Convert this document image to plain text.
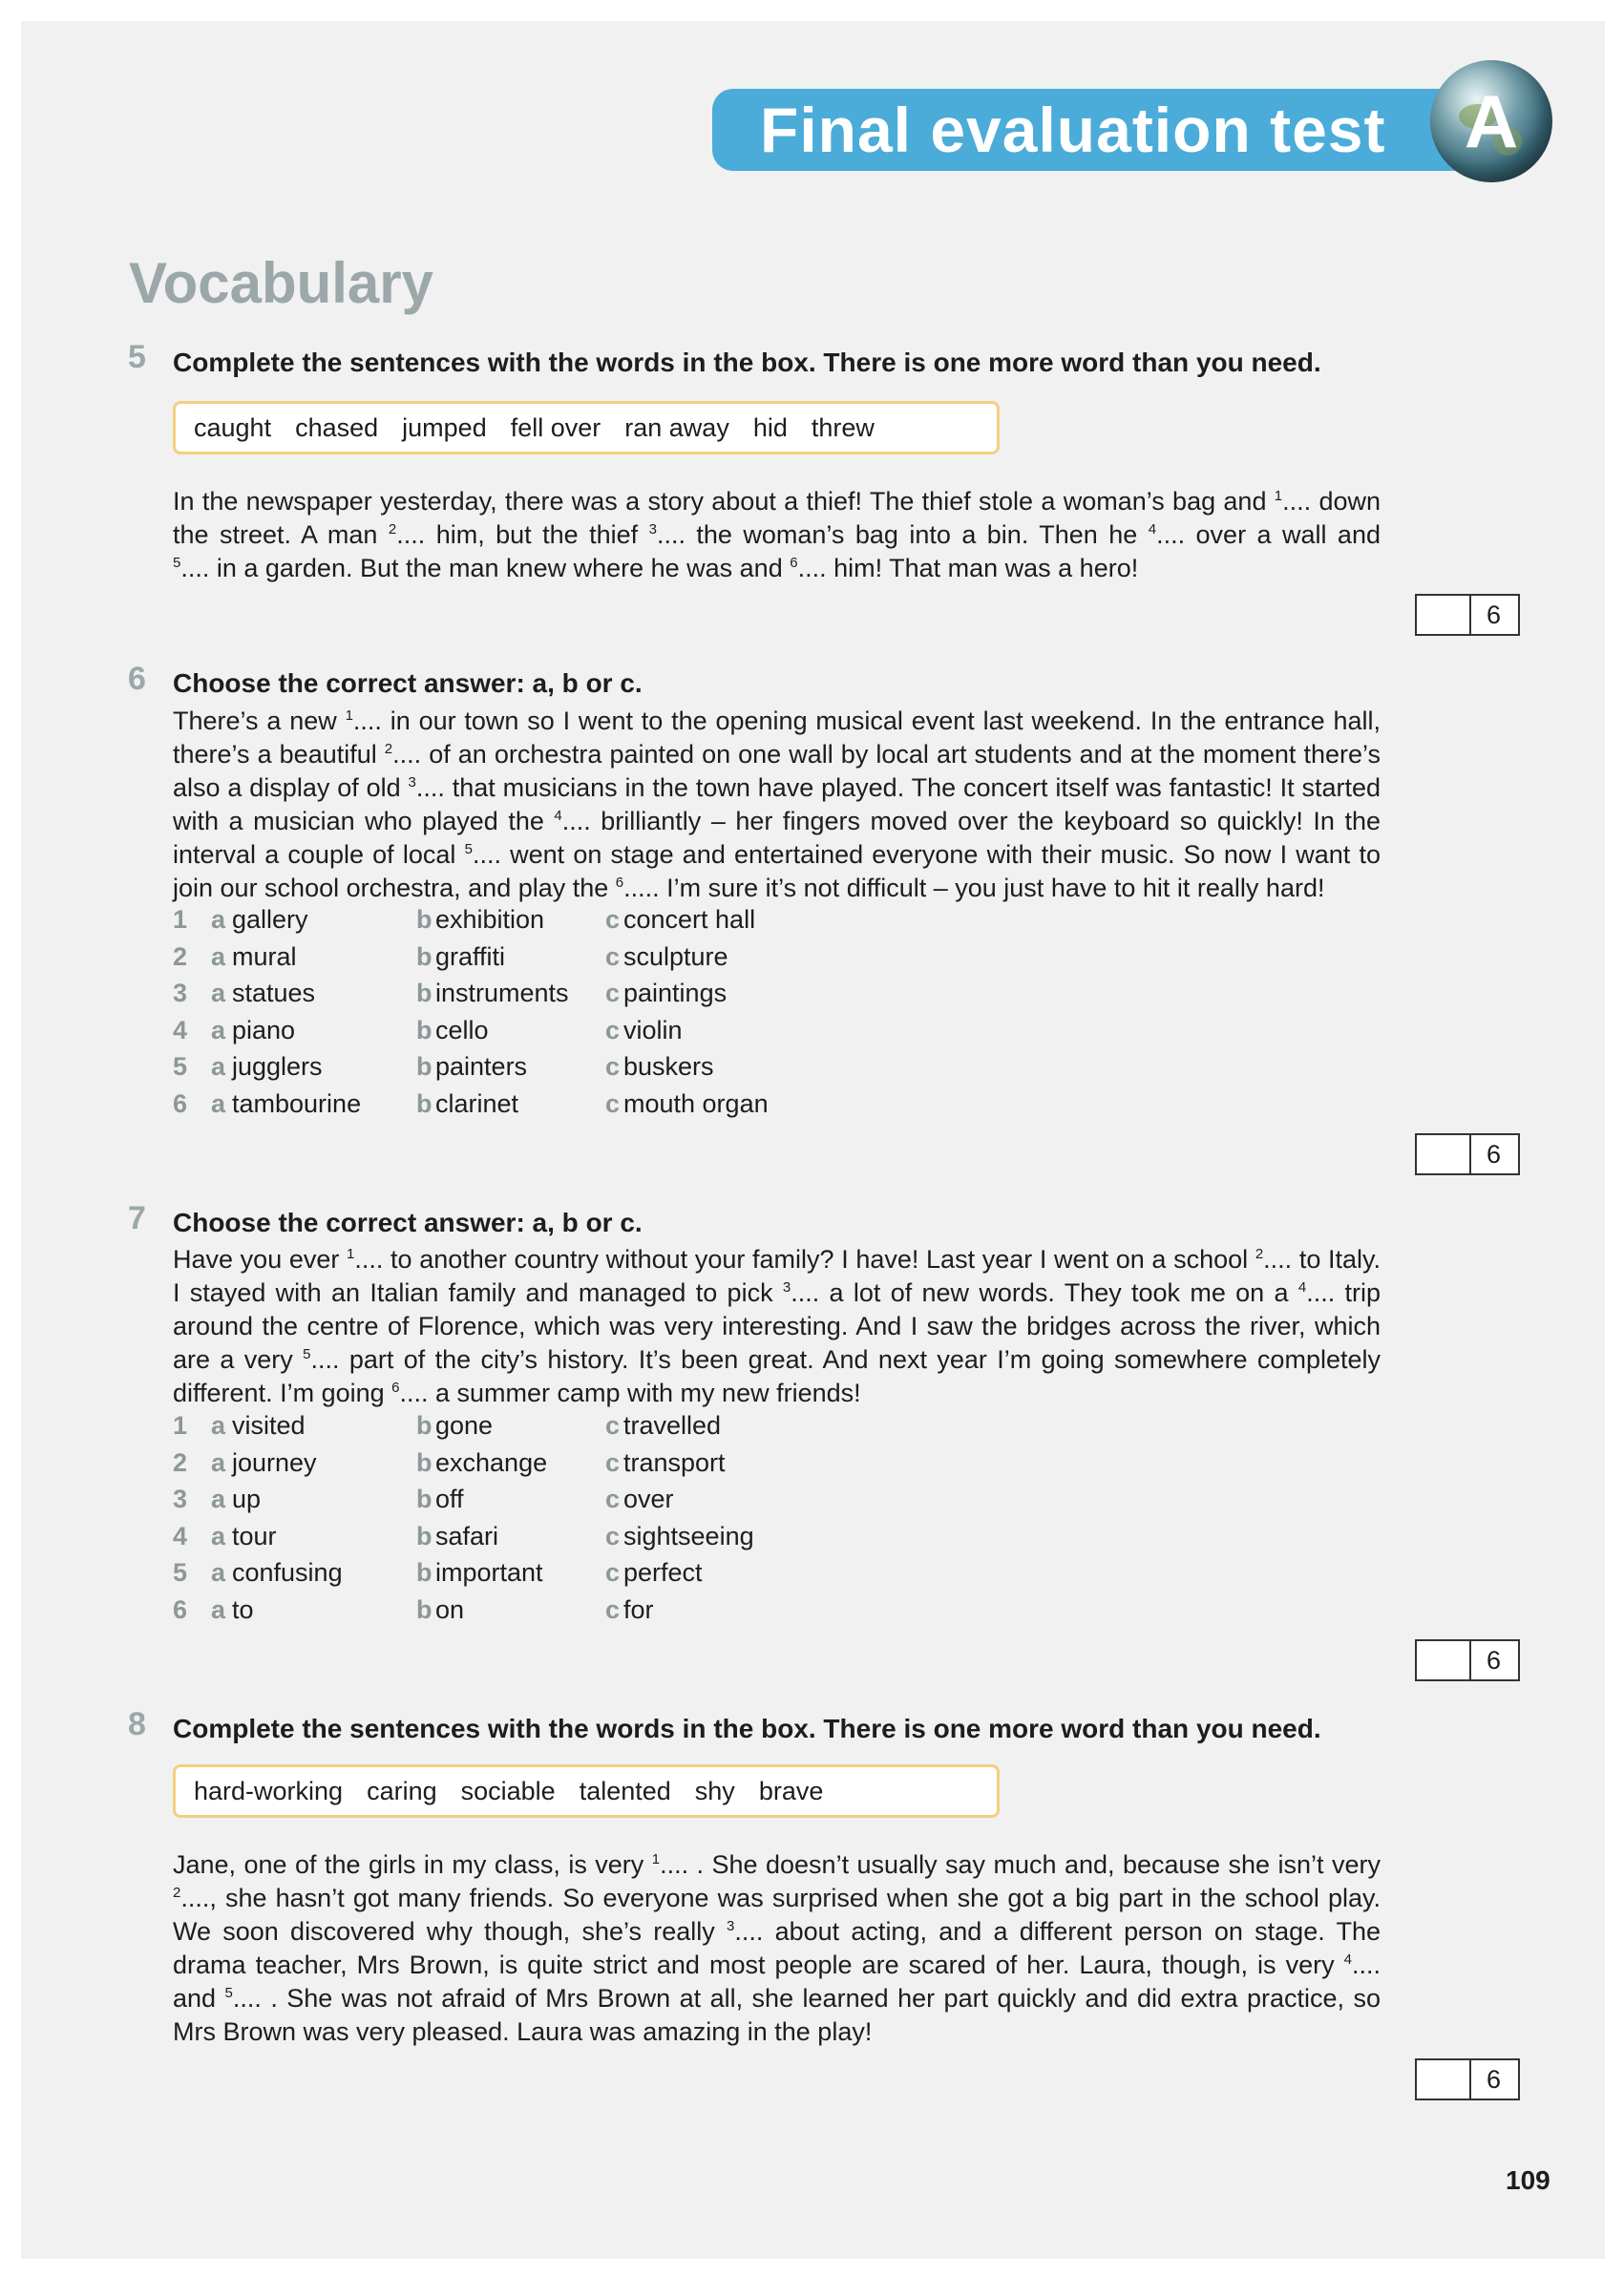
Final evaluation test	A
Vocabulary
5 Complete the sentences with the words in the box. There is one more word than you need.
caught chased jumped fell over ran away hid threw
In the newspaper yesterday, there was a story about a thief! The thief stole a woman’s bag and $^1$.... down
the street. A man $^2$.... him, but the thief $^3$.... the woman’s bag into a bin. Then he $^4$.... over a wall and
$^5$.... in a garden. But the man knew where he was and $^6$.... him! That man was a hero!
6
6 Choose the correct answer: a, b or c.
There’s a new $^1$.... in our town so I went to the opening musical event last weekend. In the entrance hall,
there’s a beautiful $^2$.... of an orchestra painted on one wall by local art students and at the moment there’s
also a display of old $^3$.... that musicians in the town have played. The concert itself was fantastic! It started
with a musician who played the $^4$.... brilliantly – her fingers moved over the keyboard so quickly! In the
interval a couple of local $^5$.... went on stage and entertained everyone with their music. So now I want to
join our school orchestra, and play the $^6$..... I’m sure it’s not difficult – you just have to hit it really hard!
1 a gallery	b exhibition c concert hall
2 a mural	b graffiti	c sculpture
3 a statues	b instruments c paintings
4 a piano	b cello	c violin
5 a jugglers	b painters	c buskers
6 a tambourine b clarinet	c mouth organ
6
7 Choose the correct answer: a, b or c.
Have you ever $^1$.... to another country without your family? I have! Last year I went on a school $^2$.... to Italy.
I stayed with an Italian family and managed to pick $^3$.... a lot of new words. They took me on a $^4$.... trip
around the centre of Florence, which was very interesting. And I saw the bridges across the river, which
are a very $^5$.... part of the city’s history. It’s been great. And next year I’m going somewhere completely
different. I’m going $^6$.... a summer camp with my new friends!
1 a visited	b gone	c travelled
2 a journey	b exchange c transport
3 a up	b off	c over
4 a tour	b safari	c sightseeing
5 a confusing	b important c perfect
6 a to	b on	c for
6
8 Complete the sentences with the words in the box. There is one more word than you need.
hard-working caring sociable talented shy brave
Jane, one of the girls in my class, is very $^1$.... . She doesn’t usually say much and, because she isn’t very
$^2$...., she hasn’t got many friends. So everyone was surprised when she got a big part in the school play.
We soon discovered why though, she’s really $^3$.... about acting, and a different person on stage. The
drama teacher, Mrs Brown, is quite strict and most people are scared of her. Laura, though, is very $^4$....
and $^5$.... . She was not afraid of Mrs Brown at all, she learned her part quickly and did extra practice, so
Mrs Brown was very pleased. Laura was amazing in the play!
6
109
